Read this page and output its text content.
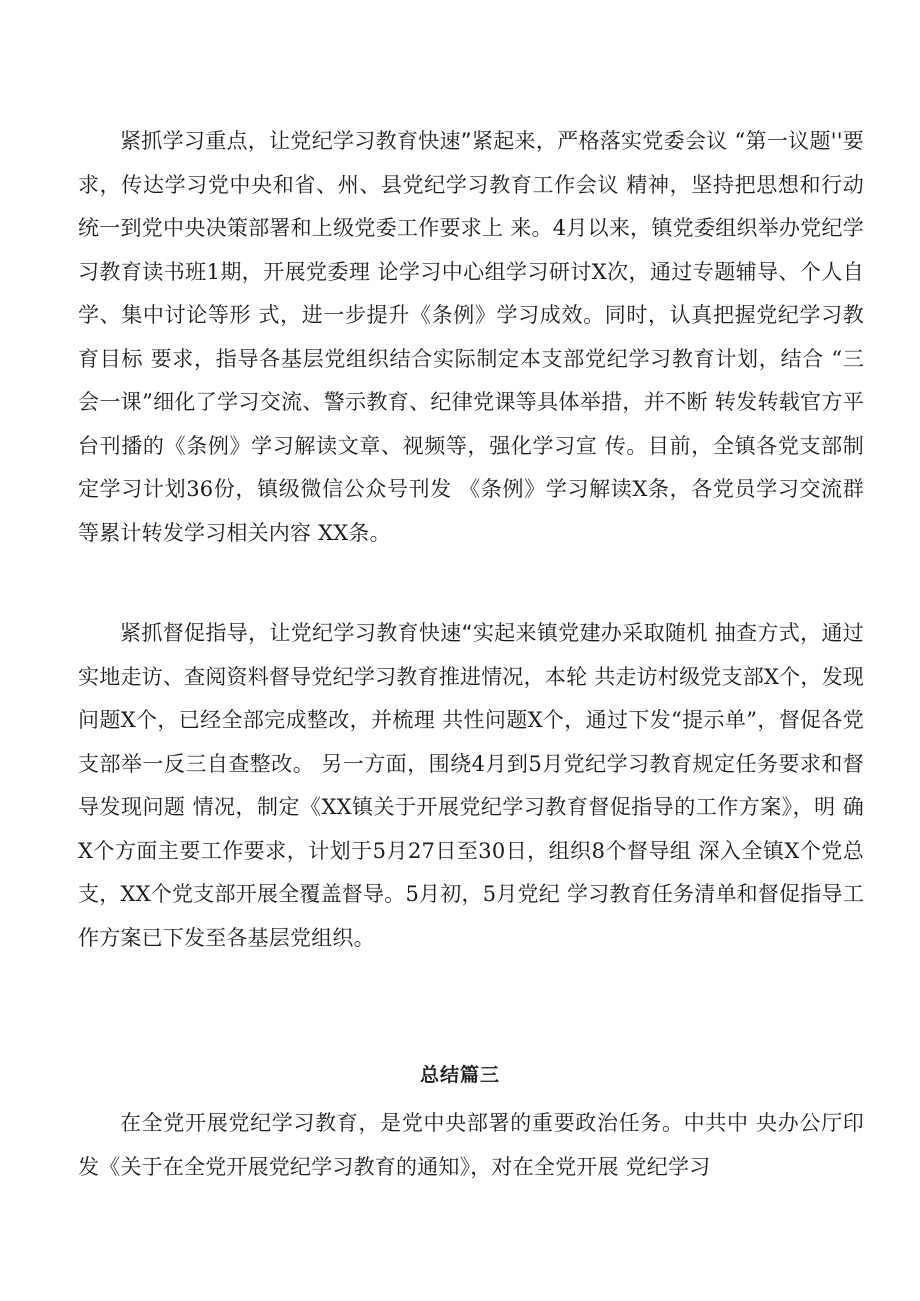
紧抓学习重点，让党纪学习教育快速”紧起来，严格落实党委会议 “第一议题''要求，传达学习党中央和省、州、县党纪学习教育工作会议 精神，坚持把思想和行动统一到党中央决策部署和上级党委工作要求上 来。4月以来，镇党委组织举办党纪学习教育读书班1期，开展党委理 论学习中心组学习研讨X次，通过专题辅导、个人自学、集中讨论等形 式，进一步提升《条例》学习成效。同时，认真把握党纪学习教育目标 要求，指导各基层党组织结合实际制定本支部党纪学习教育计划，结合 “三会一课”细化了学习交流、警示教育、纪律党课等具体举措，并不断 转发转载官方平台刊播的《条例》学习解读文章、视频等，强化学习宣 传。目前，全镇各党支部制定学习计划36份，镇级微信公众号刊发 《条例》学习解读X条，各党员学习交流群等累计转发学习相关内容 XX条。

紧抓督促指导，让党纪学习教育快速“实起来镇党建办采取随机 抽查方式，通过实地走访、查阅资料督导党纪学习教育推进情况，本轮 共走访村级党支部X个，发现问题X个，已经全部完成整改，并梳理 共性问题X个，通过下发“提示单”，督促各党支部举一反三自查整改。 另一方面，围绕4月到5月党纪学习教育规定任务要求和督导发现问题 情况，制定《XX镇关于开展党纪学习教育督促指导的工作方案》，明 确X个方面主要工作要求，计划于5月27日至30日，组织8个督导组 深入全镇X个党总支，XX个党支部开展全覆盖督导。5月初，5月党纪 学习教育任务清单和督促指导工作方案已下发至各基层党组织。

总结篇三

在全党开展党纪学习教育，是党中央部署的重要政治任务。中共中 央办公厅印发《关于在全党开展党纪学习教育的通知》，对在全党开展 党纪学习
